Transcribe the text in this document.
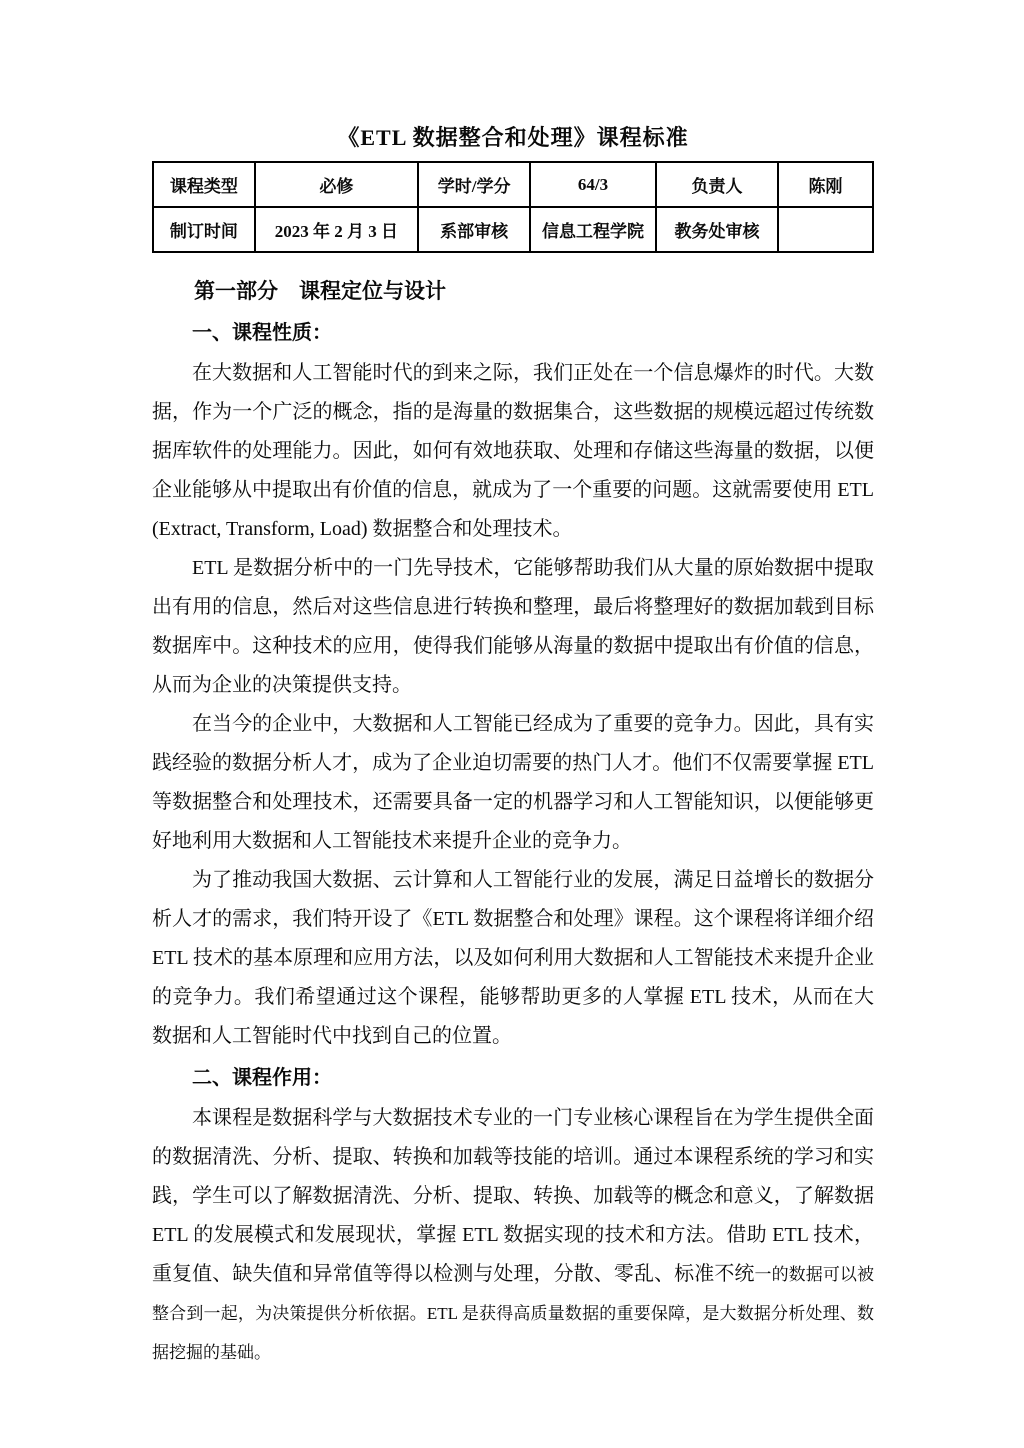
《ETL 数据整合和处理》课程标准
课程类型	必修	学时/学分	64/3	负责人	陈刚
制订时间	2023 年 2 月 3 日	系部审核	信息工程学院	教务处审核	
第一部分　课程定位与设计
一、课程性质：

在大数据和人工智能时代的到来之际，我们正处在一个信息爆炸的时代。大数据，作为一个广泛的概念，指的是海量的数据集合，这些数据的规模远超过传统数据库软件的处理能力。因此，如何有效地获取、处理和存储这些海量的数据，以便企业能够从中提取出有价值的信息，就成为了一个重要的问题。这就需要使用 ETL (Extract, Transform, Load) 数据整合和处理技术。

ETL 是数据分析中的一门先导技术，它能够帮助我们从大量的原始数据中提取出有用的信息，然后对这些信息进行转换和整理，最后将整理好的数据加载到目标数据库中。这种技术的应用，使得我们能够从海量的数据中提取出有价值的信息，从而为企业的决策提供支持。

在当今的企业中，大数据和人工智能已经成为了重要的竞争力。因此，具有实践经验的数据分析人才，成为了企业迫切需要的热门人才。他们不仅需要掌握 ETL 等数据整合和处理技术，还需要具备一定的机器学习和人工智能知识，以便能够更好地利用大数据和人工智能技术来提升企业的竞争力。

为了推动我国大数据、云计算和人工智能行业的发展，满足日益增长的数据分析人才的需求，我们特开设了《ETL 数据整合和处理》课程。这个课程将详细介绍 ETL 技术的基本原理和应用方法，以及如何利用大数据和人工智能技术来提升企业的竞争力。我们希望通过这个课程，能够帮助更多的人掌握 ETL 技术，从而在大数据和人工智能时代中找到自己的位置。

二、课程作用：

本课程是数据科学与大数据技术专业的一门专业核心课程旨在为学生提供全面的数据清洗、分析、提取、转换和加载等技能的培训。通过本课程系统的学习和实践，学生可以了解数据清洗、分析、提取、转换、加载等的概念和意义，了解数据 ETL 的发展模式和发展现状，掌握 ETL 数据实现的技术和方法。借助 ETL 技术，重复值、缺失值和异常值等得以检测与处理，分散、零乱、标准不统一的数据可以被整合到一起，为决策提供分析依据。ETL 是获得高质量数据的重要保障，是大数据分析处理、数据挖掘的基础。
